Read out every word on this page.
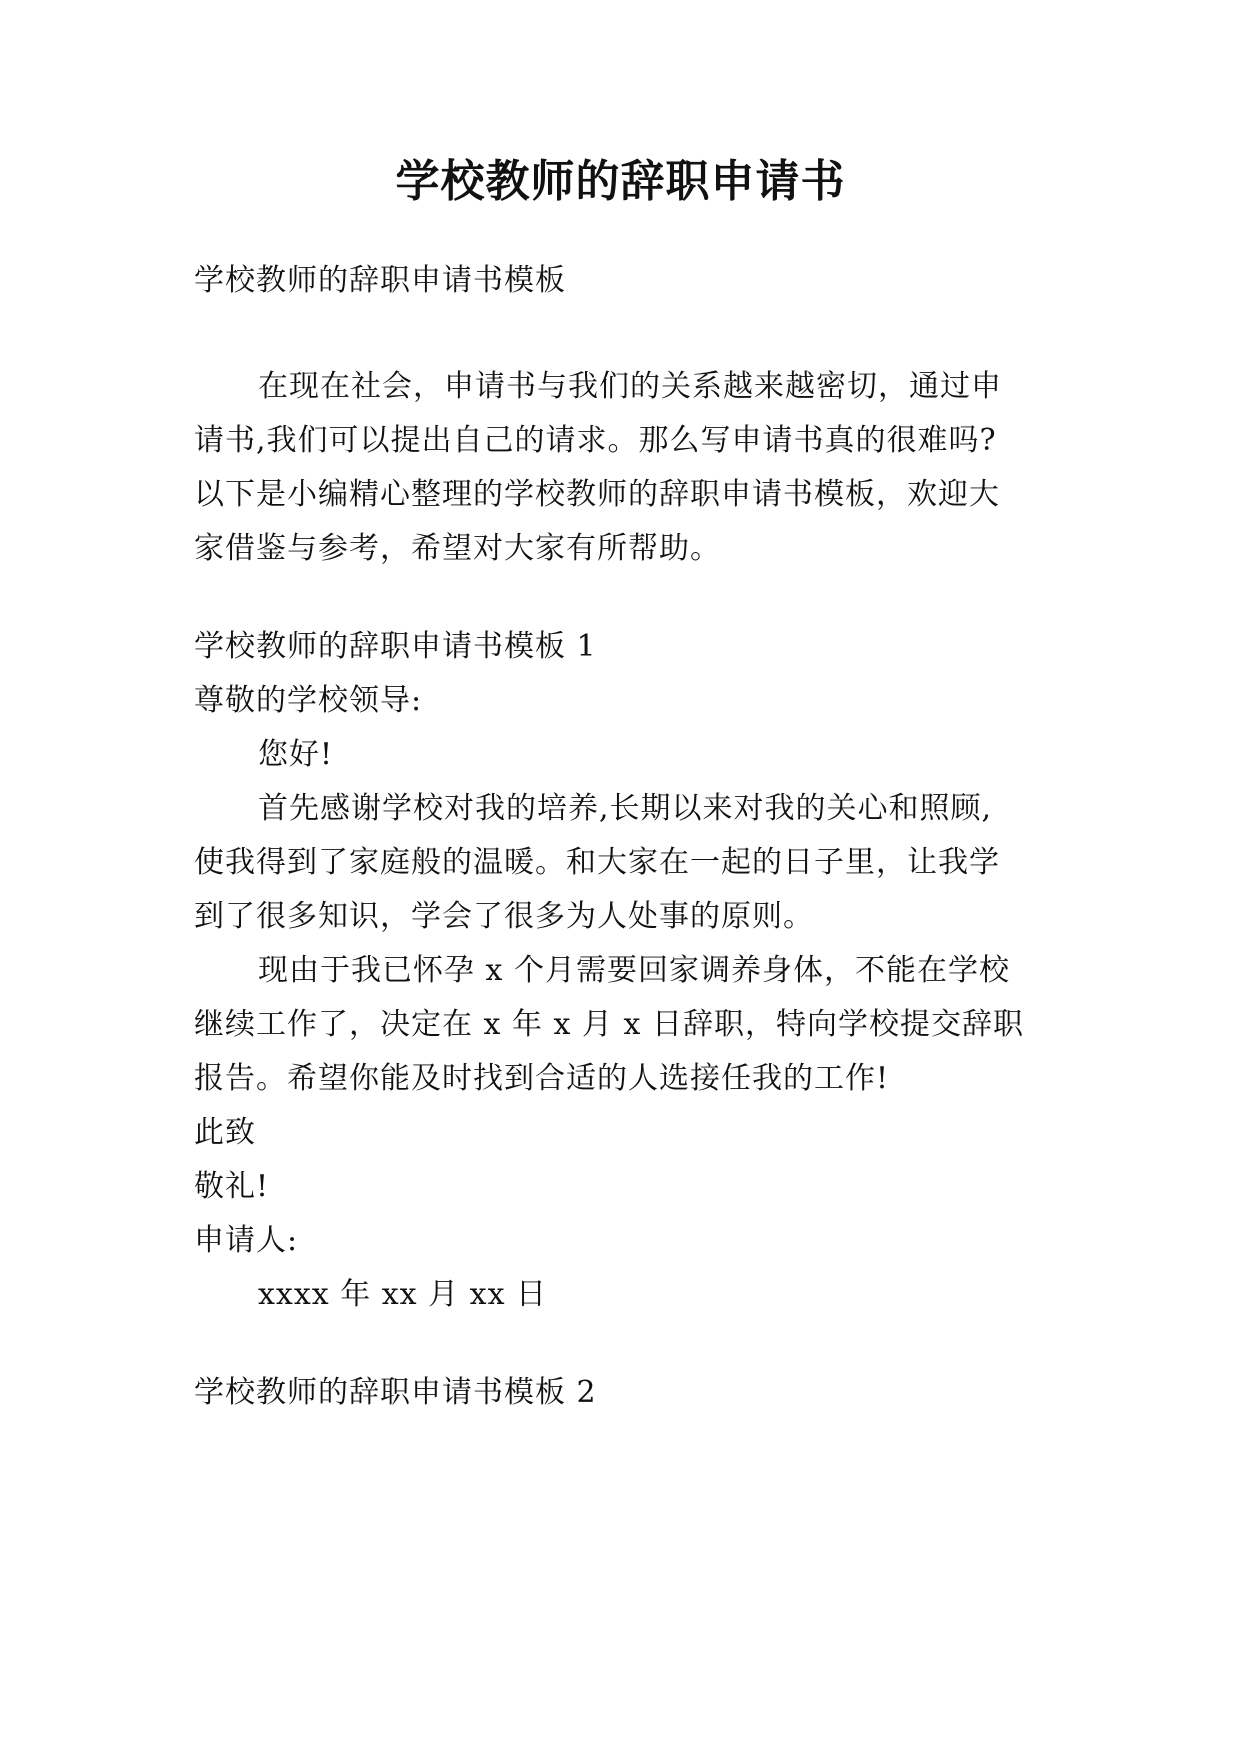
学校教师的辞职申请书

学校教师的辞职申请书模板

在现在社会，申请书与我们的关系越来越密切，通过申

请书,我们可以提出自己的请求。那么写申请书真的很难吗?

以下是小编精心整理的学校教师的辞职申请书模板，欢迎大

家借鉴与参考，希望对大家有所帮助。

学校教师的辞职申请书模板 1

尊敬的学校领导:

您好!

首先感谢学校对我的培养,长期以来对我的关心和照顾,

使我得到了家庭般的温暖。和大家在一起的日子里，让我学

到了很多知识，学会了很多为人处事的原则。

现由于我已怀孕 x 个月需要回家调养身体，不能在学校

继续工作了，决定在 x 年 x 月 x 日辞职，特向学校提交辞职

报告。希望你能及时找到合适的人选接任我的工作!

此致

敬礼!

申请人:

xxxx 年 xx 月 xx 日

学校教师的辞职申请书模板 2
